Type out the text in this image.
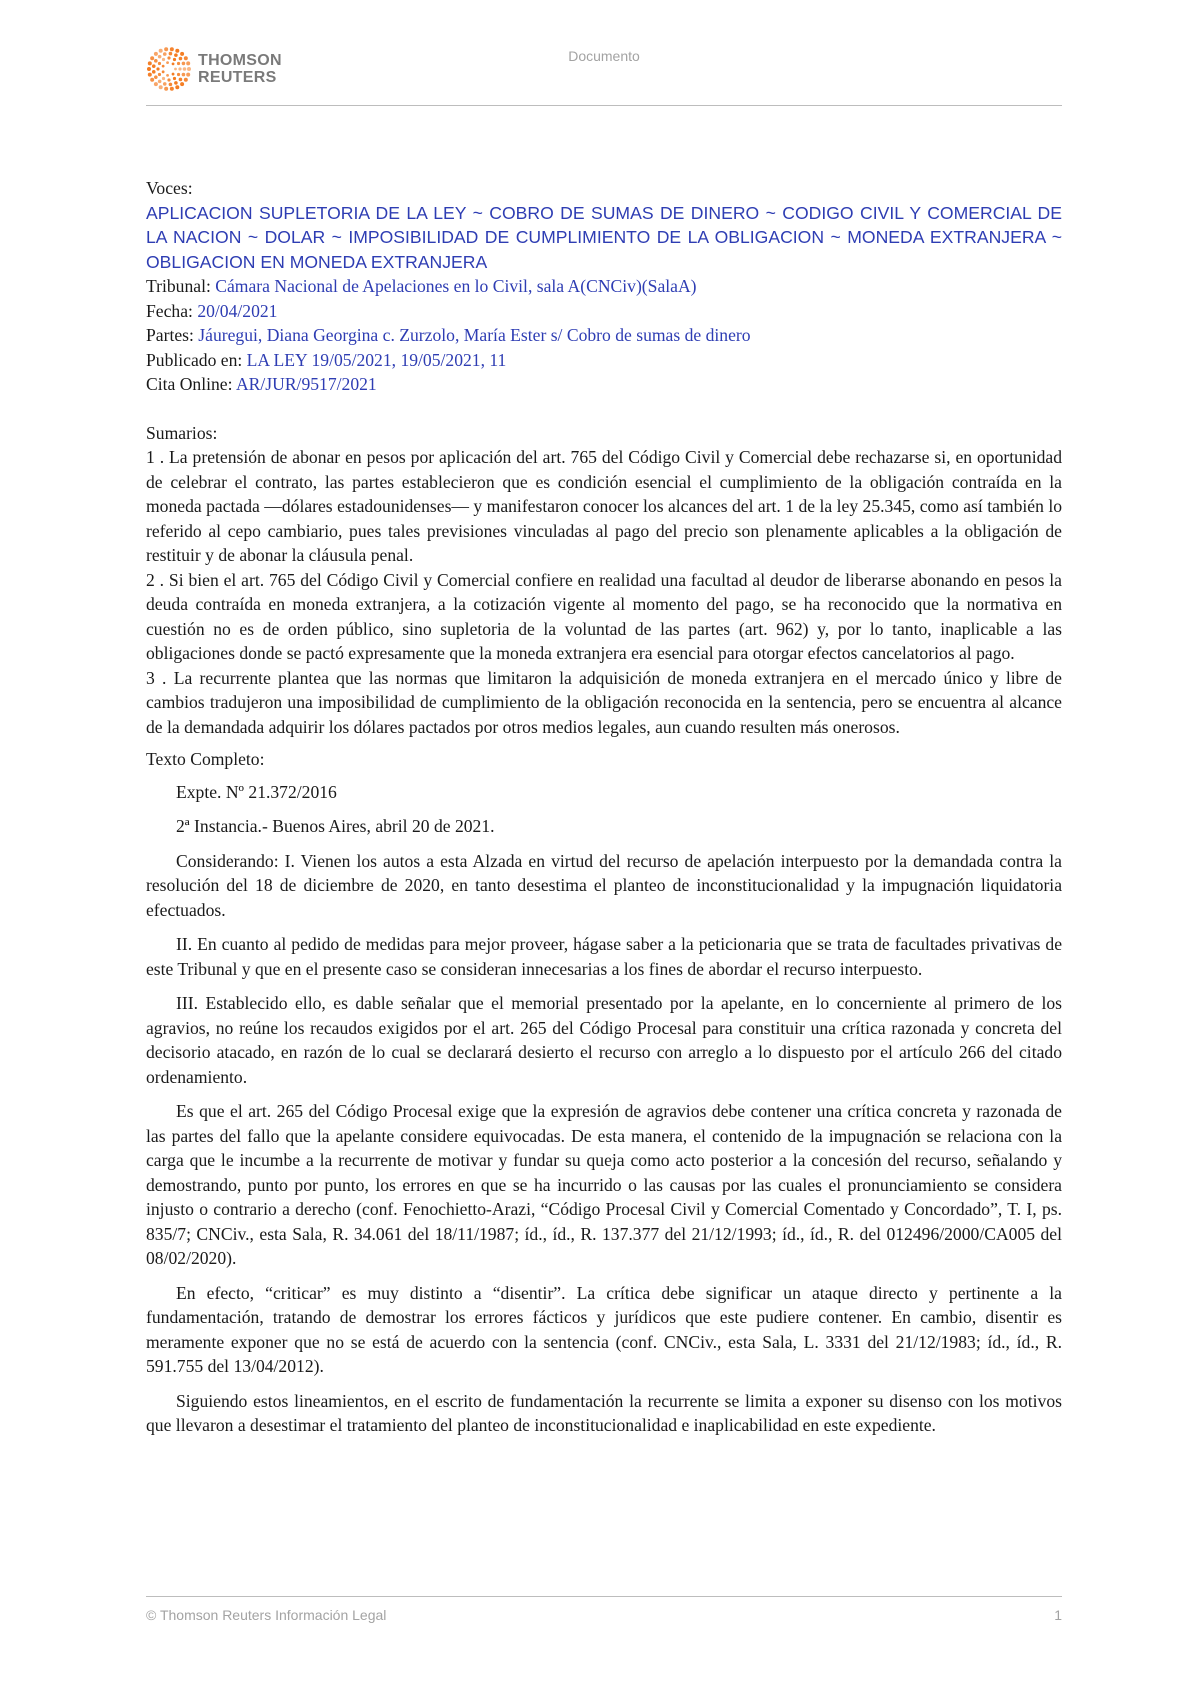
THOMSON
REUTERS
Documento
Voces:
APLICACION SUPLETORIA DE LA LEY ~ COBRO DE SUMAS DE DINERO ~ CODIGO CIVIL Y COMERCIAL DE LA NACION ~ DOLAR ~ IMPOSIBILIDAD DE CUMPLIMIENTO DE LA OBLIGACION ~ MONEDA EXTRANJERA ~ OBLIGACION EN MONEDA EXTRANJERA
Tribunal: Cámara Nacional de Apelaciones en lo Civil, sala A(CNCiv)(SalaA)
Fecha: 20/04/2021
Partes: Jáuregui, Diana Georgina c. Zurzolo, María Ester s/ Cobro de sumas de dinero
Publicado en: LA LEY 19/05/2021, 19/05/2021, 11
Cita Online: AR/JUR/9517/2021
Sumarios:
1 . La pretensión de abonar en pesos por aplicación del art. 765 del Código Civil y Comercial debe rechazarse si, en oportunidad de celebrar el contrato, las partes establecieron que es condición esencial el cumplimiento de la obligación contraída en la moneda pactada —dólares estadounidenses— y manifestaron conocer los alcances del art. 1 de la ley 25.345, como así también lo referido al cepo cambiario, pues tales previsiones vinculadas al pago del precio son plenamente aplicables a la obligación de restituir y de abonar la cláusula penal.
2 . Si bien el art. 765 del Código Civil y Comercial confiere en realidad una facultad al deudor de liberarse abonando en pesos la deuda contraída en moneda extranjera, a la cotización vigente al momento del pago, se ha reconocido que la normativa en cuestión no es de orden público, sino supletoria de la voluntad de las partes (art. 962) y, por lo tanto, inaplicable a las obligaciones donde se pactó expresamente que la moneda extranjera era esencial para otorgar efectos cancelatorios al pago.
3 . La recurrente plantea que las normas que limitaron la adquisición de moneda extranjera en el mercado único y libre de cambios tradujeron una imposibilidad de cumplimiento de la obligación reconocida en la sentencia, pero se encuentra al alcance de la demandada adquirir los dólares pactados por otros medios legales, aun cuando resulten más onerosos.
Texto Completo:

Expte. Nº 21.372/2016

2ª Instancia.- Buenos Aires, abril 20 de 2021.

Considerando: I. Vienen los autos a esta Alzada en virtud del recurso de apelación interpuesto por la demandada contra la resolución del 18 de diciembre de 2020, en tanto desestima el planteo de inconstitucionalidad y la impugnación liquidatoria efectuados.

II. En cuanto al pedido de medidas para mejor proveer, hágase saber a la peticionaria que se trata de facultades privativas de este Tribunal y que en el presente caso se consideran innecesarias a los fines de abordar el recurso interpuesto.

III. Establecido ello, es dable señalar que el memorial presentado por la apelante, en lo concerniente al primero de los agravios, no reúne los recaudos exigidos por el art. 265 del Código Procesal para constituir una crítica razonada y concreta del decisorio atacado, en razón de lo cual se declarará desierto el recurso con arreglo a lo dispuesto por el artículo 266 del citado ordenamiento.

Es que el art. 265 del Código Procesal exige que la expresión de agravios debe contener una crítica concreta y razonada de las partes del fallo que la apelante considere equivocadas. De esta manera, el contenido de la impugnación se relaciona con la carga que le incumbe a la recurrente de motivar y fundar su queja como acto posterior a la concesión del recurso, señalando y demostrando, punto por punto, los errores en que se ha incurrido o las causas por las cuales el pronunciamiento se considera injusto o contrario a derecho (conf. Fenochietto-Arazi, “Código Procesal Civil y Comercial Comentado y Concordado”, T. I, ps. 835/7; CNCiv., esta Sala, R. 34.061 del 18/11/1987; íd., íd., R. 137.377 del 21/12/1993; íd., íd., R. del 012496/2000/CA005 del 08/02/2020).

En efecto, “criticar” es muy distinto a “disentir”. La crítica debe significar un ataque directo y pertinente a la fundamentación, tratando de demostrar los errores fácticos y jurídicos que este pudiere contener. En cambio, disentir es meramente exponer que no se está de acuerdo con la sentencia (conf. CNCiv., esta Sala, L. 3331 del 21/12/1983; íd., íd., R. 591.755 del 13/04/2012).

Siguiendo estos lineamientos, en el escrito de fundamentación la recurrente se limita a exponer su disenso con los motivos que llevaron a desestimar el tratamiento del planteo de inconstitucionalidad e inaplicabilidad en este expediente.

© Thomson Reuters Información Legal	1
